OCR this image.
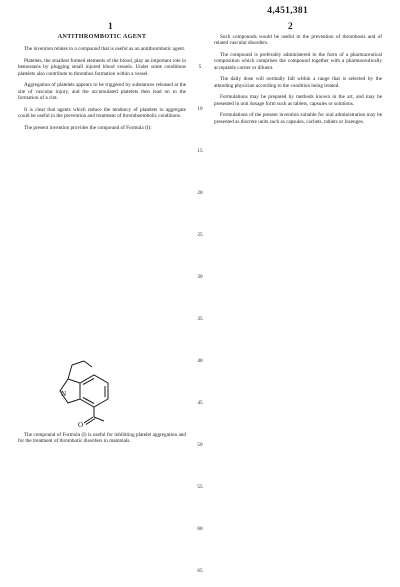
4,451,381
1	2
ANTITHROMBOTIC AGENT

The invention relates to a compound that is useful as an antithrombotic agent.

Platelets, the smallest formed elements of the blood, play an important role in hemostasis by plugging small injured blood vessels. Under some conditions platelets also contribute to thrombus formation within a vessel.

Aggregation of platelets appears to be triggered by substances released at the site of vascular injury, and the accumulated platelets then lead on to the formation of a clot.

It is clear that agents which reduce the tendency of platelets to aggregate could be useful in the prevention and treatment of thromboembolic conditions.

The present invention provides the compound of Formula (I):

N
O

The compound of Formula (I) is useful for inhibiting platelet aggregation and for the treatment of thrombotic disorders in mammals.

5
10
15
20
25
30
35
40
45
50
55
60
65

Such compounds would be useful in the prevention of thrombosis and of related vascular disorders.

The compound is preferably administered in the form of a pharmaceutical composition which comprises the compound together with a pharmaceutically acceptable carrier or diluent.

The daily dose will normally fall within a range that is selected by the attending physician according to the condition being treated.

Formulations may be prepared by methods known in the art, and may be presented in unit dosage form such as tablets, capsules or solutions.

Formulations of the present invention suitable for oral administration may be presented as discrete units such as capsules, cachets, tablets or lozenges.
